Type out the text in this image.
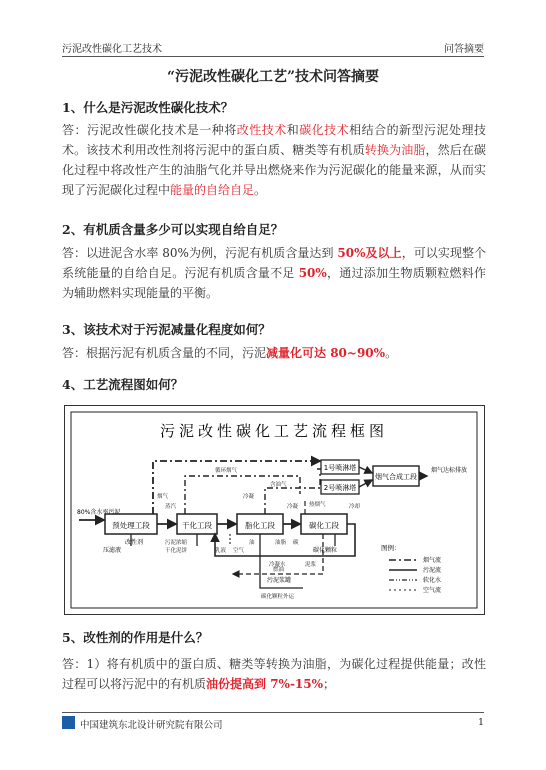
污泥改性碳化工艺技术	问答摘要
“污泥改性碳化工艺”技术问答摘要
1、什么是污泥改性碳化技术？
答：污泥改性碳化技术是一种将改性技术和碳化技术相结合的新型污泥处理技术。该技术利用改性剂将污泥中的蛋白质、糖类等有机质转换为油脂，然后在碳化过程中将改性产生的油脂气化并导出燃烧来作为污泥碳化的能量来源，从而实现了污泥碳化过程中能量的自给自足。
2、有机质含量多少可以实现自给自足？
答：以进泥含水率 80%为例，污泥有机质含量达到 50%及以上，可以实现整个系统能量的自给自足。污泥有机质含量不足 50%，通过添加生物质颗粒燃料作为辅助燃料实现能量的平衡。
3、该技术对于污泥减量化程度如何？
答：根据污泥有机质含量的不同，污泥减量化可达 80~90%。
4、工艺流程图如何？
污泥改性碳化工艺流程框图
预处理工段	干化工段	脂化工段	碳化工段
1号喷淋塔
2号喷淋塔
烟气合成工段
80%含水率污泥
压滤液
改性剂
碳化颗粒
污泥浆罐
烟气达标排放
烟气
循环烟气
蒸汽
冷凝
热烟气
含油气
冷凝
油
冷却
污泥浓缩
干化泥饼
油脂 碳
乳液
冷凝水
燃油
空气
碳化颗粒外运
泥浆
图例：
烟气流
污泥流
软化水
空气流
5、改性剂的作用是什么？
答：1）将有机质中的蛋白质、糖类等转换为油脂，为碳化过程提供能量；改性过程可以将污泥中的有机质油份提高到 7%-15%；
中国建筑东北设计研究院有限公司	1
